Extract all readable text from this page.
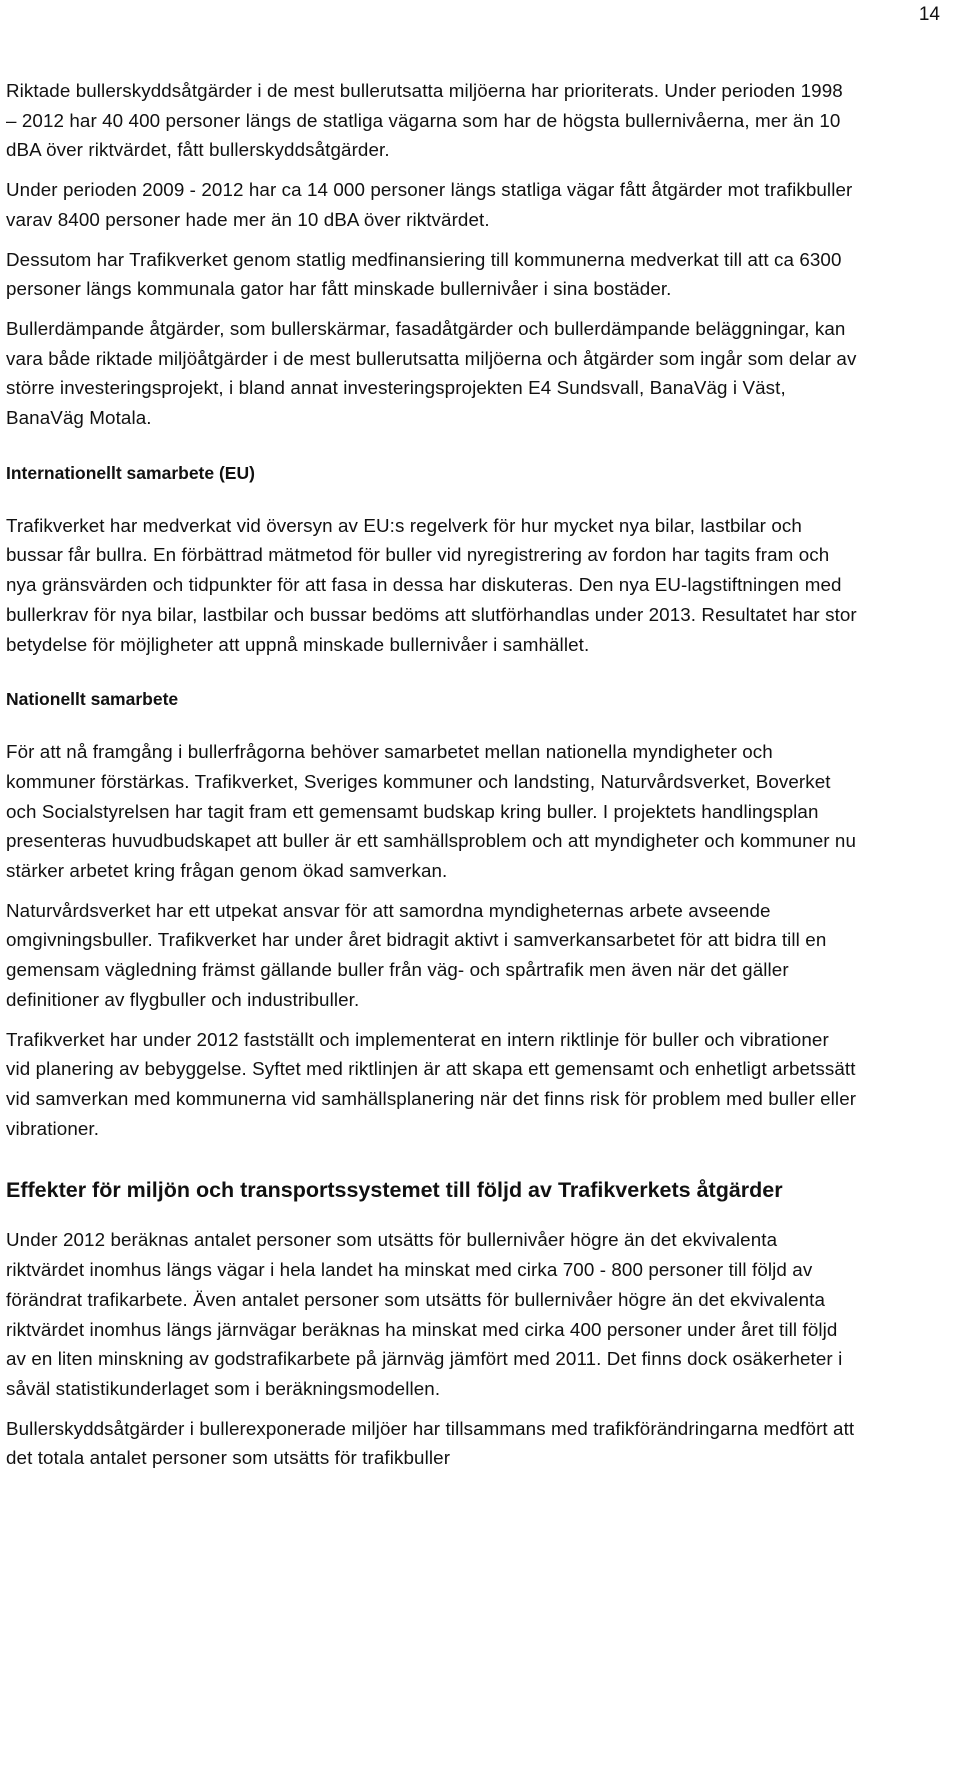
14

Riktade bullerskyddsåtgärder i de mest bullerutsatta miljöerna har prioriterats. Under perioden 1998 – 2012 har 40 400 personer längs de statliga vägarna som har de högsta bullernivåerna, mer än 10 dBA över riktvärdet, fått bullerskyddsåtgärder.

Under perioden 2009 - 2012 har ca 14 000 personer längs statliga vägar fått åtgärder mot trafikbuller varav 8400 personer hade mer än 10 dBA över riktvärdet.

Dessutom har Trafikverket genom statlig medfinansiering till kommunerna medverkat till att ca 6300 personer längs kommunala gator har fått minskade bullernivåer i sina bostäder.

Bullerdämpande åtgärder, som bullerskärmar, fasadåtgärder och bullerdämpande beläggningar, kan vara både riktade miljöåtgärder i de mest bullerutsatta miljöerna och åtgärder som ingår som delar av större investeringsprojekt, i bland annat investeringsprojekten E4 Sundsvall, BanaVäg i Väst, BanaVäg Motala.

Internationellt samarbete (EU)

Trafikverket har medverkat vid översyn av EU:s regelverk för hur mycket nya bilar, lastbilar och bussar får bullra. En förbättrad mätmetod för buller vid nyregistrering av fordon har tagits fram och nya gränsvärden och tidpunkter för att fasa in dessa har diskuteras. Den nya EU-lagstiftningen med bullerkrav för nya bilar, lastbilar och bussar bedöms att slutförhandlas under 2013. Resultatet har stor betydelse för möjligheter att uppnå minskade bullernivåer i samhället.

Nationellt samarbete

För att nå framgång i bullerfrågorna behöver samarbetet mellan nationella myndigheter och kommuner förstärkas. Trafikverket, Sveriges kommuner och landsting, Naturvårdsverket, Boverket och Socialstyrelsen har tagit fram ett gemensamt budskap kring buller. I projektets handlingsplan presenteras huvudbudskapet att buller är ett samhällsproblem och att myndigheter och kommuner nu stärker arbetet kring frågan genom ökad samverkan.

Naturvårdsverket har ett utpekat ansvar för att samordna myndigheternas arbete avseende omgivningsbuller. Trafikverket har under året bidragit aktivt i samverkansarbetet för att bidra till en gemensam vägledning främst gällande buller från väg- och spårtrafik men även när det gäller definitioner av flygbuller och industribuller.

Trafikverket har under 2012 fastställt och implementerat en intern riktlinje för buller och vibrationer vid planering av bebyggelse. Syftet med riktlinjen är att skapa ett gemensamt och enhetligt arbetssätt vid samverkan med kommunerna vid samhällsplanering när det finns risk för problem med buller eller vibrationer.

Effekter för miljön och transportssystemet till följd av Trafikverkets åtgärder

Under 2012 beräknas antalet personer som utsätts för bullernivåer högre än det ekvivalenta riktvärdet inomhus längs vägar i hela landet ha minskat med cirka 700 - 800 personer till följd av förändrat trafikarbete. Även antalet personer som utsätts för bullernivåer högre än det ekvivalenta riktvärdet inomhus längs järnvägar beräknas ha minskat med cirka 400 personer under året till följd av en liten minskning av godstrafikarbete på järnväg jämfört med 2011. Det finns dock osäkerheter i såväl statistikunderlaget som i beräkningsmodellen.

Bullerskyddsåtgärder i bullerexponerade miljöer har tillsammans med trafikförändringarna medfört att det totala antalet personer som utsätts för trafikbuller
